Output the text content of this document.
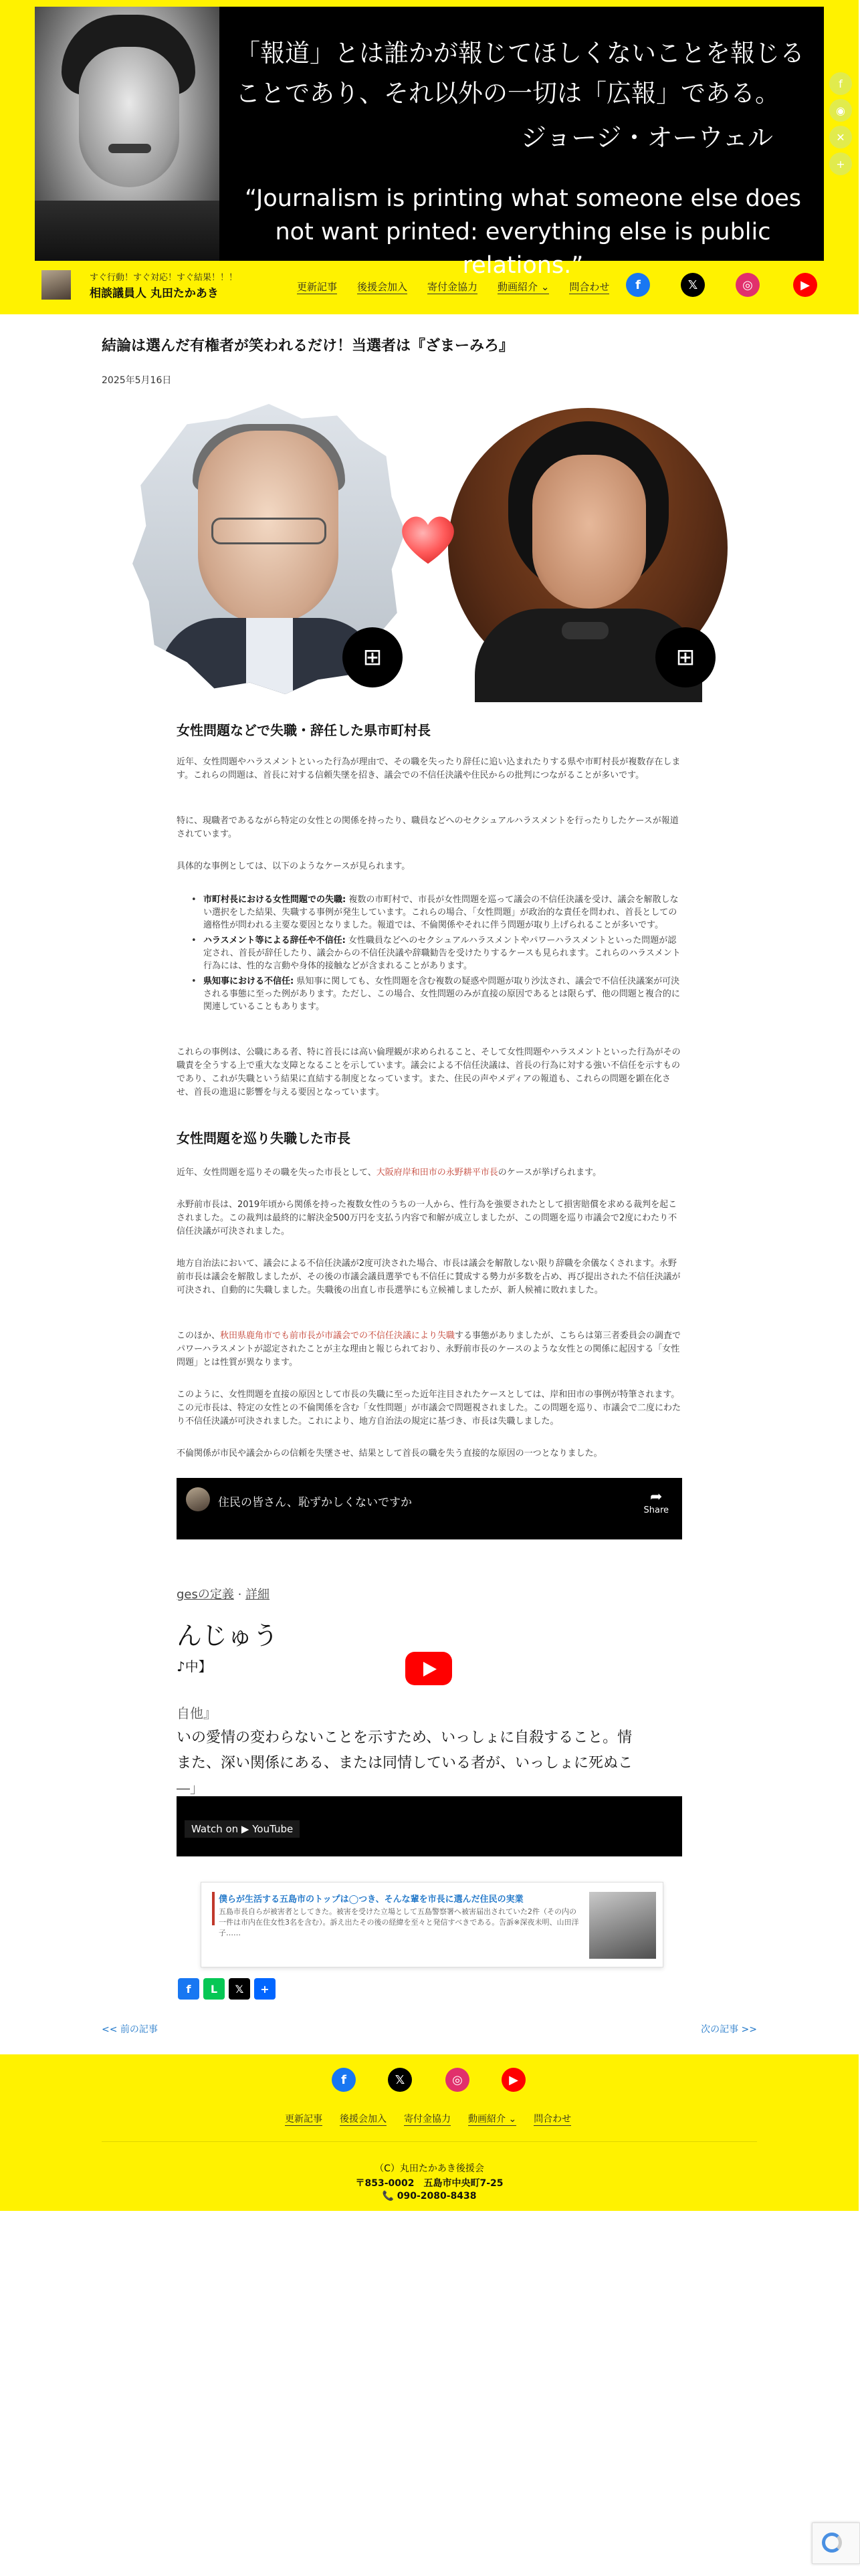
「報道」とは誰かが報じてほしくないことを報じることであり、それ以外の一切は「広報」である。
ジョージ・オーウェル
“Journalism is printing what someone else does not want printed: everything else is public relations.”
すぐ行動！すぐ対応！すぐ結果！！！
相談議員人 丸田たかあき	更新記事 後援会加入 寄付金協力 動画紹介 ⌄ 問合わせ	f	𝕏	◎	▶
f
◉
✕
+
結論は選んだ有権者が笑われるだけ！当選者は『ざまーみろ』
2025年5月16日
⊞	⊞
女性問題などで失職・辞任した県市町村長

近年、女性問題やハラスメントといった行為が理由で、その職を失ったり辞任に追い込まれたりする県や市町村長が複数存在します。これらの問題は、首長に対する信頼失墜を招き、議会での不信任決議や住民からの批判につながることが多いです。

特に、現職者であるながら特定の女性との関係を持ったり、職員などへのセクシュアルハラスメントを行ったりしたケースが報道されています。

具体的な事例としては、以下のようなケースが見られます。

• 市町村長における女性問題での失職: 複数の市町村で、市長が女性問題を巡って議会の不信任決議を受け、議会を解散しない選択をした結果、失職する事例が発生しています。これらの場合、「女性問題」が政治的な責任を問われ、首長としての適格性が問われる主要な要因となりました。報道では、不倫関係やそれに伴う問題が取り上げられることが多いです。
• ハラスメント等による辞任や不信任: 女性職員などへのセクシュアルハラスメントやパワーハラスメントといった問題が認定され、首長が辞任したり、議会からの不信任決議や辞職勧告を受けたりするケースも見られます。これらのハラスメント行為には、性的な言動や身体的接触などが含まれることがあります。
• 県知事における不信任: 県知事に関しても、女性問題を含む複数の疑惑や問題が取り沙汰され、議会で不信任決議案が可決される事態に至った例があります。ただし、この場合、女性問題のみが直接の原因であるとは限らず、他の問題と複合的に関連していることもあります。

これらの事例は、公職にある者、特に首長には高い倫理観が求められること、そして女性問題やハラスメントといった行為がその職責を全うする上で重大な支障となることを示しています。議会による不信任決議は、首長の行為に対する強い不信任を示すものであり、これが失職という結果に直結する制度となっています。また、住民の声やメディアの報道も、これらの問題を顕在化させ、首長の進退に影響を与える要因となっています。

女性問題を巡り失職した市長

近年、女性問題を巡りその職を失った市長として、大阪府岸和田市の永野耕平市長のケースが挙げられます。

永野前市長は、2019年頃から関係を持った複数女性のうちの一人から、性行為を強要されたとして損害賠償を求める裁判を起こされました。この裁判は最終的に解決金500万円を支払う内容で和解が成立しましたが、この問題を巡り市議会で2度にわたり不信任決議が可決されました。

地方自治法において、議会による不信任決議が2度可決された場合、市長は議会を解散しない限り辞職を余儀なくされます。永野前市長は議会を解散しましたが、その後の市議会議員選挙でも不信任に賛成する勢力が多数を占め、再び提出された不信任決議が可決され、自動的に失職しました。失職後の出直し市長選挙にも立候補しましたが、新人候補に敗れました。

このほか、秋田県鹿角市でも前市長が市議会での不信任決議により失職する事態がありましたが、こちらは第三者委員会の調査でパワーハラスメントが認定されたことが主な理由と報じられており、永野前市長のケースのような女性との関係に起因する「女性問題」とは性質が異なります。

このように、女性問題を直接の原因として市長の失職に至った近年注目されたケースとしては、岸和田市の事例が特筆されます。この元市長は、特定の女性との不倫関係を含む「女性問題」が市議会で問題視されました。この問題を巡り、市議会で二度にわたり不信任決議が可決されました。これにより、地方自治法の規定に基づき、市長は失職しました。

不倫関係が市民や議会からの信頼を失墜させ、結果として首長の職を失う直接的な原因の一つとなりました。

住民の皆さん、恥ずかしくないですか	➦
Share
gesの定義 · 詳細
んじゅう
♪中】
自他』
いの愛情の変わらないことを示すため、いっしょに自殺すること。情
また、深い関係にある、または同情している者が、いっしょに死ぬこ
―」
Watch on ▶ YouTube
僕らが生活する五島市のトップは◯つき、そんな輩を市長に選んだ住民の実業
五島市長自らが被害者としてきた。被害を受けた立場として五島警察署へ被害届出されていた2件（その内の一件は市内在住女性3名を含む）。訴え出たその後の経緯を至々と発信すべきである。告訴※深夜未明、山田洋子……
f	L	𝕏	+
<< 前の記事	次の記事 >>
f	𝕏	◎	▶
更新記事 後援会加入 寄付金協力 動画紹介 ⌄ 問合わせ
（C）丸田たかあき後援会
〒853-0002　五島市中央町7-25
📞 090-2080-8438
